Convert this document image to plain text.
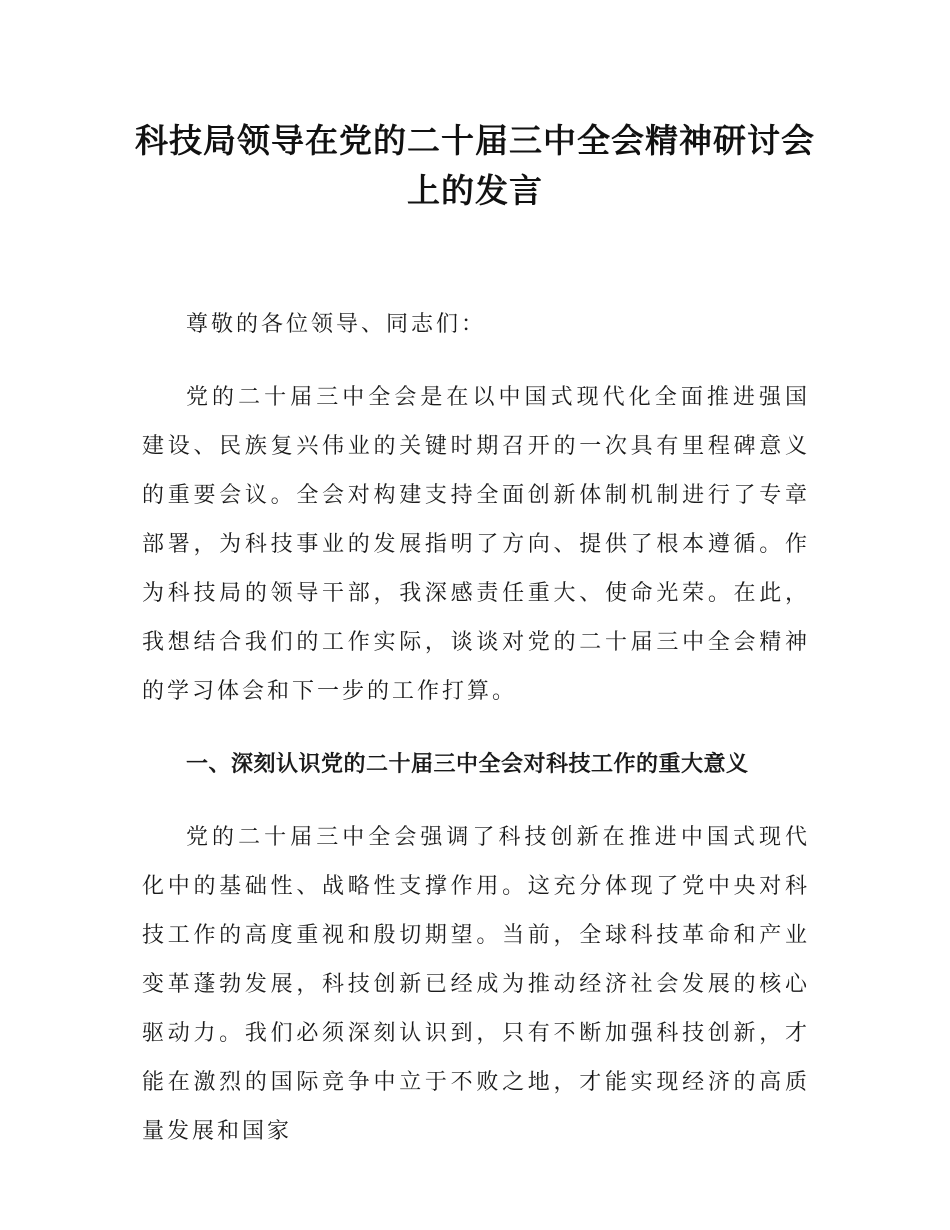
科技局领导在党的二十届三中全会精神研讨会上的发言

尊敬的各位领导、同志们：

党的二十届三中全会是在以中国式现代化全面推进强国建设、民族复兴伟业的关键时期召开的一次具有里程碑意义的重要会议。全会对构建支持全面创新体制机制进行了专章部署，为科技事业的发展指明了方向、提供了根本遵循。作为科技局的领导干部，我深感责任重大、使命光荣。在此，我想结合我们的工作实际，谈谈对党的二十届三中全会精神的学习体会和下一步的工作打算。

一、深刻认识党的二十届三中全会对科技工作的重大意义

党的二十届三中全会强调了科技创新在推进中国式现代化中的基础性、战略性支撑作用。这充分体现了党中央对科技工作的高度重视和殷切期望。当前，全球科技革命和产业变革蓬勃发展，科技创新已经成为推动经济社会发展的核心驱动力。我们必须深刻认识到，只有不断加强科技创新，才能在激烈的国际竞争中立于不败之地，才能实现经济的高质量发展和国家
